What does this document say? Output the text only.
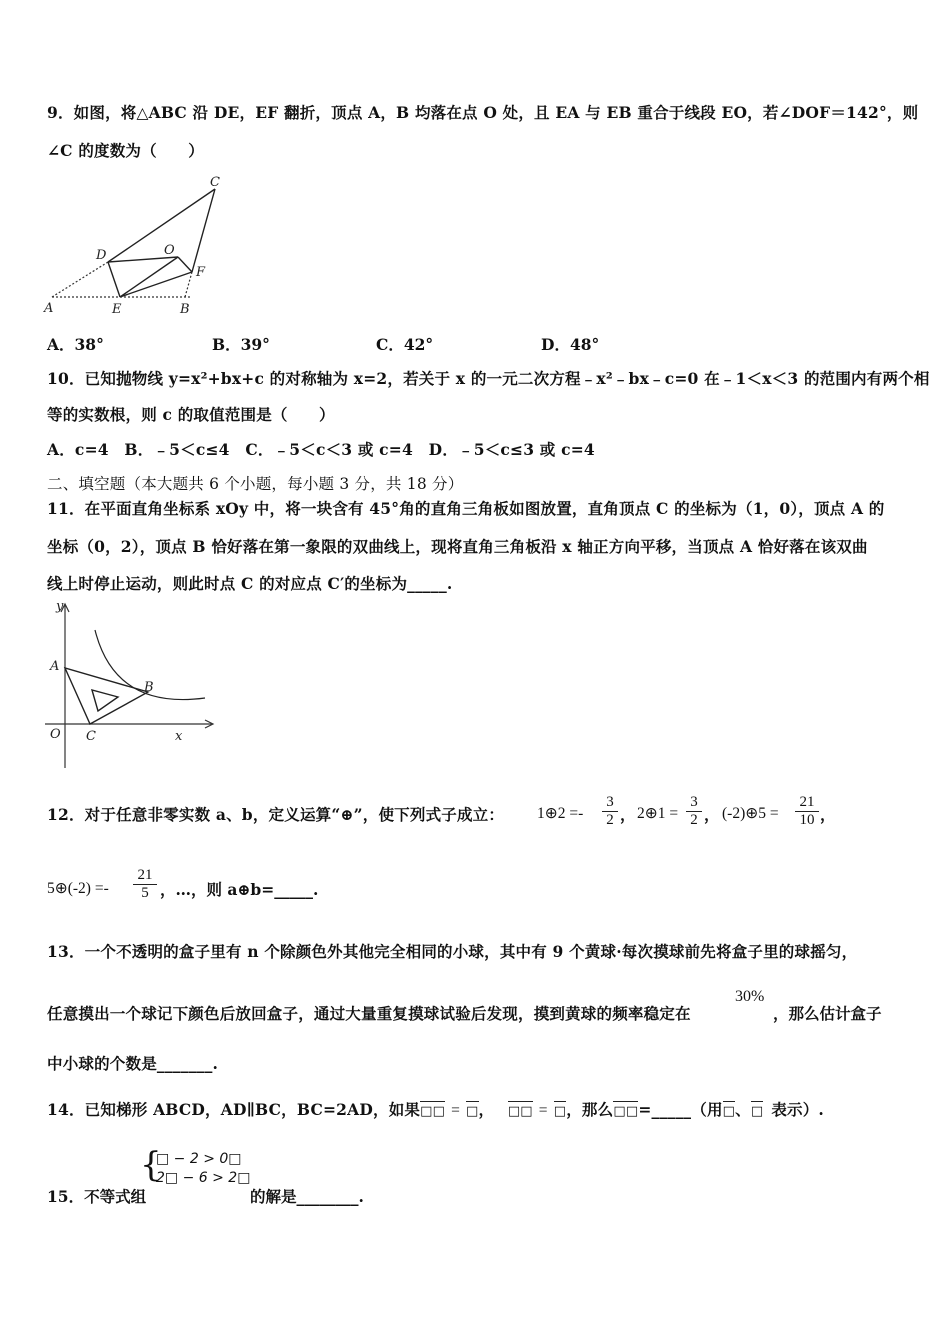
9．如图，将△ABC 沿 DE，EF 翻折，顶点 A，B 均落在点 O 处，且 EA 与 EB 重合于线段 EO，若∠DOF＝142°，则
∠C 的度数为（　　）
C
D	O
F
A	E	B
A．38°	B．39°	C．42°	D．48°
10．已知抛物线 y=x²+bx+c 的对称轴为 x=2，若关于 x 的一元二次方程﹣x²﹣bx﹣c=0 在﹣1＜x＜3 的范围内有两个相
等的实数根，则 c 的取值范围是（　　）
A．c=4　B．﹣5＜c≤4　C．﹣5＜c＜3 或 c=4　D．﹣5＜c≤3 或 c=4
二、填空题（本大题共 6 个小题，每小题 3 分，共 18 分）
11．在平面直角坐标系 xOy 中，将一块含有 45°角的直角三角板如图放置，直角顶点 C 的坐标为（1，0），顶点 A 的
坐标（0，2），顶点 B 恰好落在第一象限的双曲线上，现将直角三角板沿 x 轴正方向平移，当顶点 A 恰好落在该双曲
线上时停止运动，则此时点 C 的对应点 C′的坐标为_____.
y
x
O
A
B
C
12．对于任意非零实数 a、b，定义运算“⊕”，使下列式子成立： 1⊕2 =- $\frac{3}{2}$ ， 2⊕1 = $\frac{3}{2}$ ， (-2)⊕5 = $\frac{21}{10}$ ，
5⊕(-2) =- $\frac{21}{5}$ ，…，则 a⊕b=_____.
13．一个不透明的盒子里有 n 个除颜色外其他完全相同的小球，其中有 9 个黄球·每次摸球前先将盒子里的球摇匀，
任意摸出一个球记下颜色后放回盒子，通过大量重复摸球试验后发现，摸到黄球的频率稳定在
30%
，那么估计盒子
中小球的个数是_______.
14．已知梯形 ABCD，AD∥BC，BC=2AD，如果□□ = □， □□ = □，那么□□=_____（用□、□ 表示）.
{
□ − 2 > 0□
2□ − 6 > 2□
15．不等式组	的解是________.
